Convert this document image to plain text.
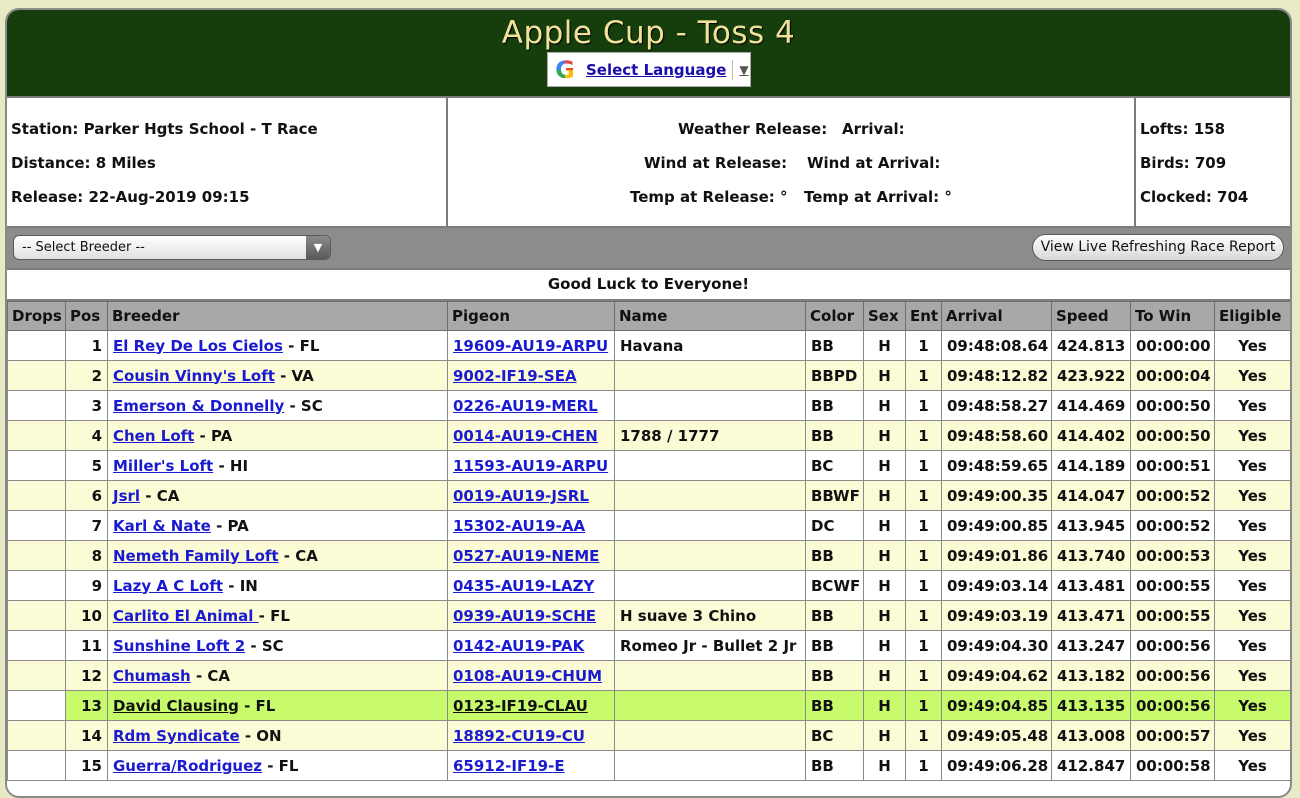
Apple Cup - Toss 4
G Select Language ▼
Station: Parker Hgts School - T Race
Distance: 8 Miles
Release: 22-Aug-2019 09:15
Weather Release: Arrival:
Wind at Release: Wind at Arrival:
Temp at Release: ° Temp at Arrival: °
Lofts: 158
Birds: 709
Clocked: 704
-- Select Breeder --	▼	View Live Refreshing Race Report
Good Luck to Everyone!
Drops	Pos	Breeder	Pigeon	Name	Color	Sex	Ent	Arrival	Speed	To Win	Eligible
	1	El Rey De Los Cielos - FL	19609-AU19-ARPU	Havana	BB	H	1	09:48:08.64	424.813	00:00:00	Yes
	2	Cousin Vinny's Loft - VA	9002-IF19-SEA		BBPD	H	1	09:48:12.82	423.922	00:00:04	Yes
	3	Emerson & Donnelly - SC	0226-AU19-MERL		BB	H	1	09:48:58.27	414.469	00:00:50	Yes
	4	Chen Loft - PA	0014-AU19-CHEN	1788 / 1777	BB	H	1	09:48:58.60	414.402	00:00:50	Yes
	5	Miller's Loft - HI	11593-AU19-ARPU		BC	H	1	09:48:59.65	414.189	00:00:51	Yes
	6	Jsrl - CA	0019-AU19-JSRL		BBWF	H	1	09:49:00.35	414.047	00:00:52	Yes
	7	Karl & Nate - PA	15302-AU19-AA		DC	H	1	09:49:00.85	413.945	00:00:52	Yes
	8	Nemeth Family Loft - CA	0527-AU19-NEME		BB	H	1	09:49:01.86	413.740	00:00:53	Yes
	9	Lazy A C Loft - IN	0435-AU19-LAZY		BCWF	H	1	09:49:03.14	413.481	00:00:55	Yes
	10	Carlito El Animal - FL	0939-AU19-SCHE	H suave 3 Chino	BB	H	1	09:49:03.19	413.471	00:00:55	Yes
	11	Sunshine Loft 2 - SC	0142-AU19-PAK	Romeo Jr - Bullet 2 Jr	BB	H	1	09:49:04.30	413.247	00:00:56	Yes
	12	Chumash - CA	0108-AU19-CHUM		BB	H	1	09:49:04.62	413.182	00:00:56	Yes
	13	David Clausing - FL	0123-IF19-CLAU		BB	H	1	09:49:04.85	413.135	00:00:56	Yes
	14	Rdm Syndicate - ON	18892-CU19-CU		BC	H	1	09:49:05.48	413.008	00:00:57	Yes
	15	Guerra/Rodriguez - FL	65912-IF19-E		BB	H	1	09:49:06.28	412.847	00:00:58	Yes
